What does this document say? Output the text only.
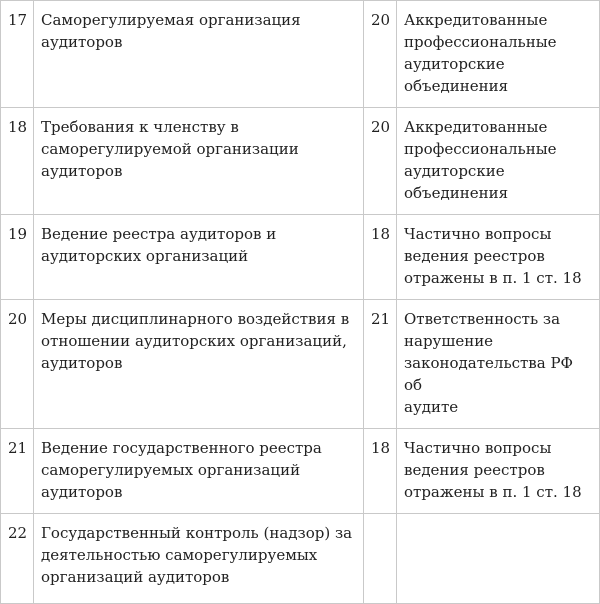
17	Саморегулируемая организация
аудиторов	20	Аккредитованные
профессиональные
аудиторские
объединения
18	Требования к членству в
саморегулируемой организации
аудиторов	20	Аккредитованные
профессиональные
аудиторские
объединения
19	Ведение реестра аудиторов и
аудиторских организаций	18	Частично вопросы
ведения реестров
отражены в п. 1 ст. 18
20	Меры дисциплинарного воздействия в
отношении аудиторских организаций,
аудиторов	21	Ответственность за
нарушение
законодательства РФ об
аудите
21	Ведение государственного реестра
саморегулируемых организаций
аудиторов	18	Частично вопросы
ведения реестров
отражены в п. 1 ст. 18
22	Государственный контроль (надзор) за
деятельностью саморегулируемых
организаций аудиторов		
